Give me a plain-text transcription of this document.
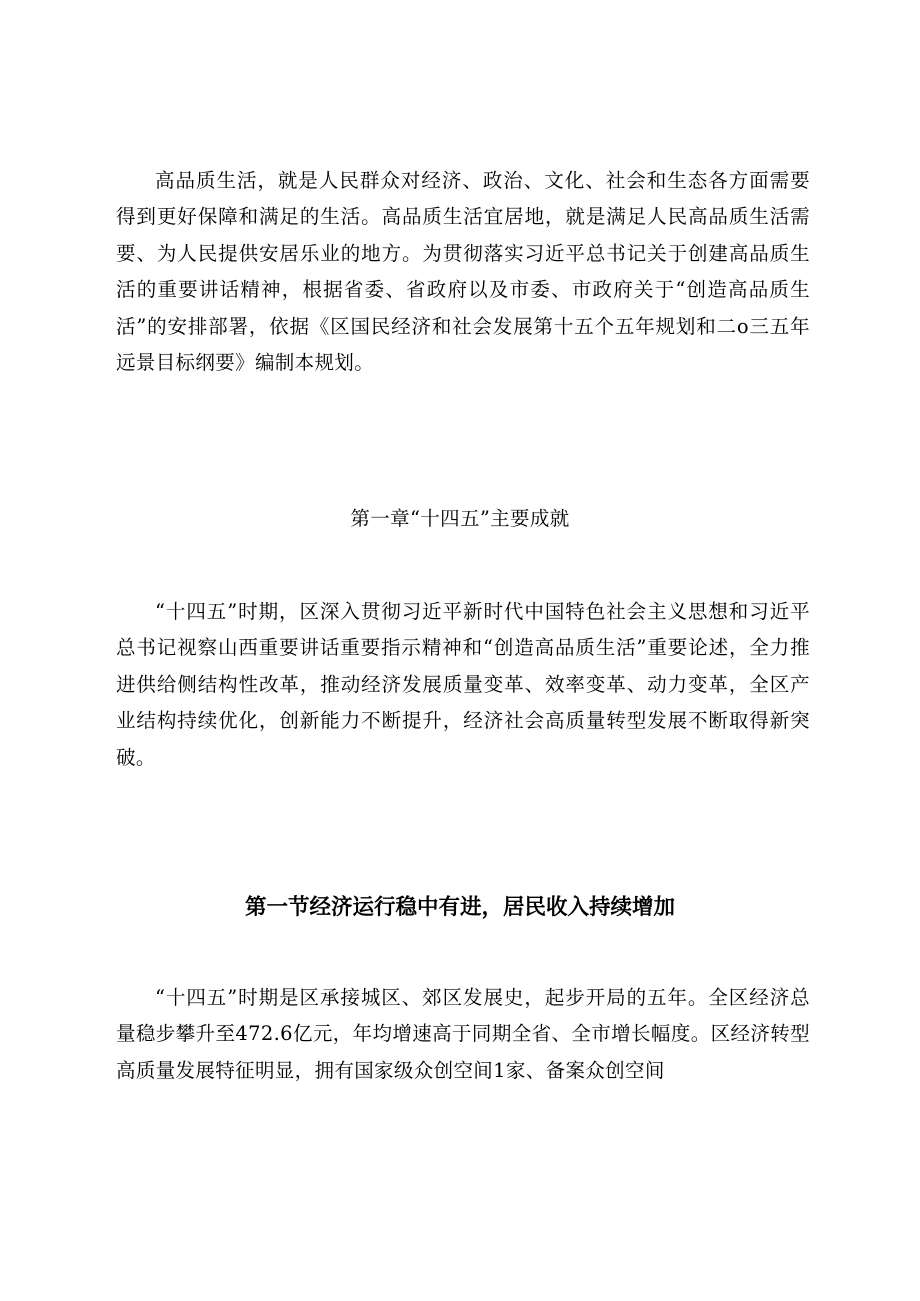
高品质生活，就是人民群众对经济、政治、文化、社会和生态各方面需要得到更好保障和满足的生活。高品质生活宜居地，就是满足人民高品质生活需要、为人民提供安居乐业的地方。为贯彻落实习近平总书记关于创建高品质生活的重要讲话精神，根据省委、省政府以及市委、市政府关于“创造高品质生活”的安排部署，依据《区国民经济和社会发展第十五个五年规划和二o三五年远景目标纲要》编制本规划。

第一章“十四五”主要成就

“十四五”时期，区深入贯彻习近平新时代中国特色社会主义思想和习近平总书记视察山西重要讲话重要指示精神和“创造高品质生活”重要论述，全力推进供给侧结构性改革，推动经济发展质量变革、效率变革、动力变革，全区产业结构持续优化，创新能力不断提升，经济社会高质量转型发展不断取得新突破。

第一节经济运行稳中有进，居民收入持续增加

“十四五”时期是区承接城区、郊区发展史，起步开局的五年。全区经济总量稳步攀升至472.6亿元，年均增速高于同期全省、全市增长幅度。区经济转型高质量发展特征明显，拥有国家级众创空间1家、备案众创空间
